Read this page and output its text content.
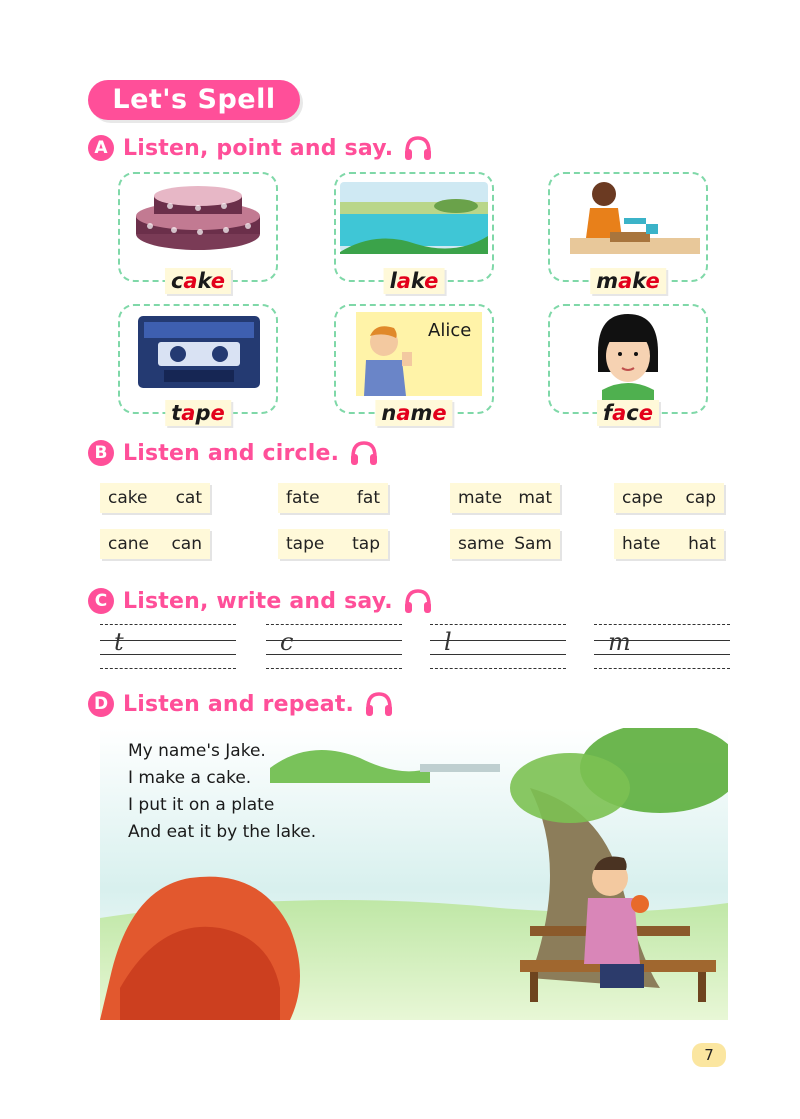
Let's Spell
A Listen, point and say.
cake	lake	make
tape
Alice
name	face
B Listen and circle.
cake cat	fate fat	mate mat	cape cap
cane can	tape tap	same Sam	hate hat
C Listen, write and say.
t	c	l	m
D Listen and repeat.
My name's Jake.
I make a cake.
I put it on a plate
And eat it by the lake.
7
